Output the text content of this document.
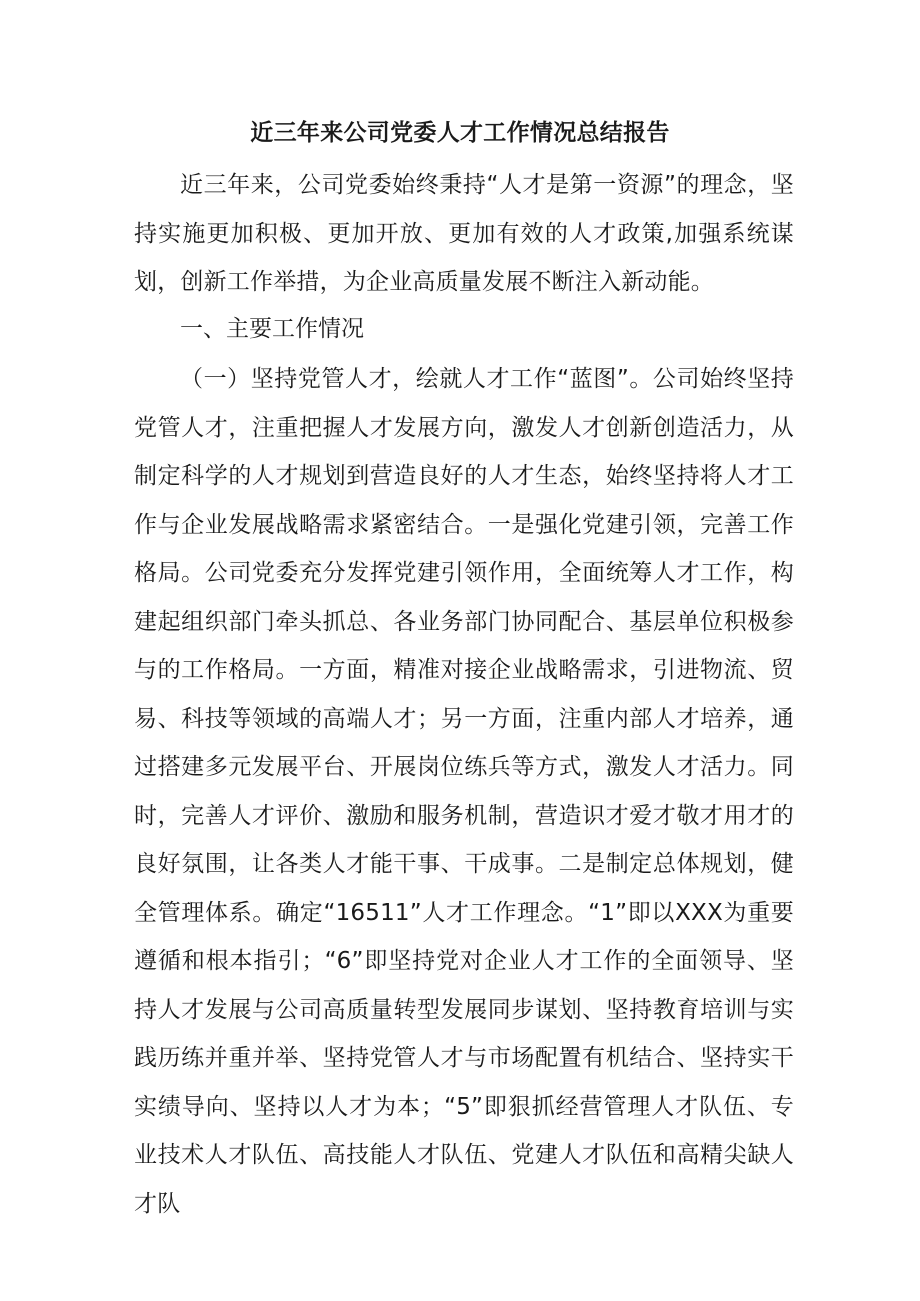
近三年来公司党委人才工作情况总结报告
近三年来，公司党委始终秉持“人才是第一资源”的理念，坚持实施更加积极、更加开放、更加有效的人才政策,加强系统谋划，创新工作举措，为企业高质量发展不断注入新动能。
一、主要工作情况
（一）坚持党管人才，绘就人才工作“蓝图”。公司始终坚持党管人才，注重把握人才发展方向，激发人才创新创造活力，从制定科学的人才规划到营造良好的人才生态，始终坚持将人才工作与企业发展战略需求紧密结合。一是强化党建引领，完善工作格局。公司党委充分发挥党建引领作用，全面统筹人才工作，构建起组织部门牵头抓总、各业务部门协同配合、基层单位积极参与的工作格局。一方面，精准对接企业战略需求，引进物流、贸易、科技等领域的高端人才；另一方面，注重内部人才培养，通过搭建多元发展平台、开展岗位练兵等方式，激发人才活力。同时，完善人才评价、激励和服务机制，营造识才爱才敬才用才的良好氛围，让各类人才能干事、干成事。二是制定总体规划，健全管理体系。确定“16511”人才工作理念。“1”即以XXX为重要遵循和根本指引；“6”即坚持党对企业人才工作的全面领导、坚持人才发展与公司高质量转型发展同步谋划、坚持教育培训与实践历练并重并举、坚持党管人才与市场配置有机结合、坚持实干实绩导向、坚持以人才为本；“5”即狠抓经营管理人才队伍、专业技术人才队伍、高技能人才队伍、党建人才队伍和高精尖缺人才队
